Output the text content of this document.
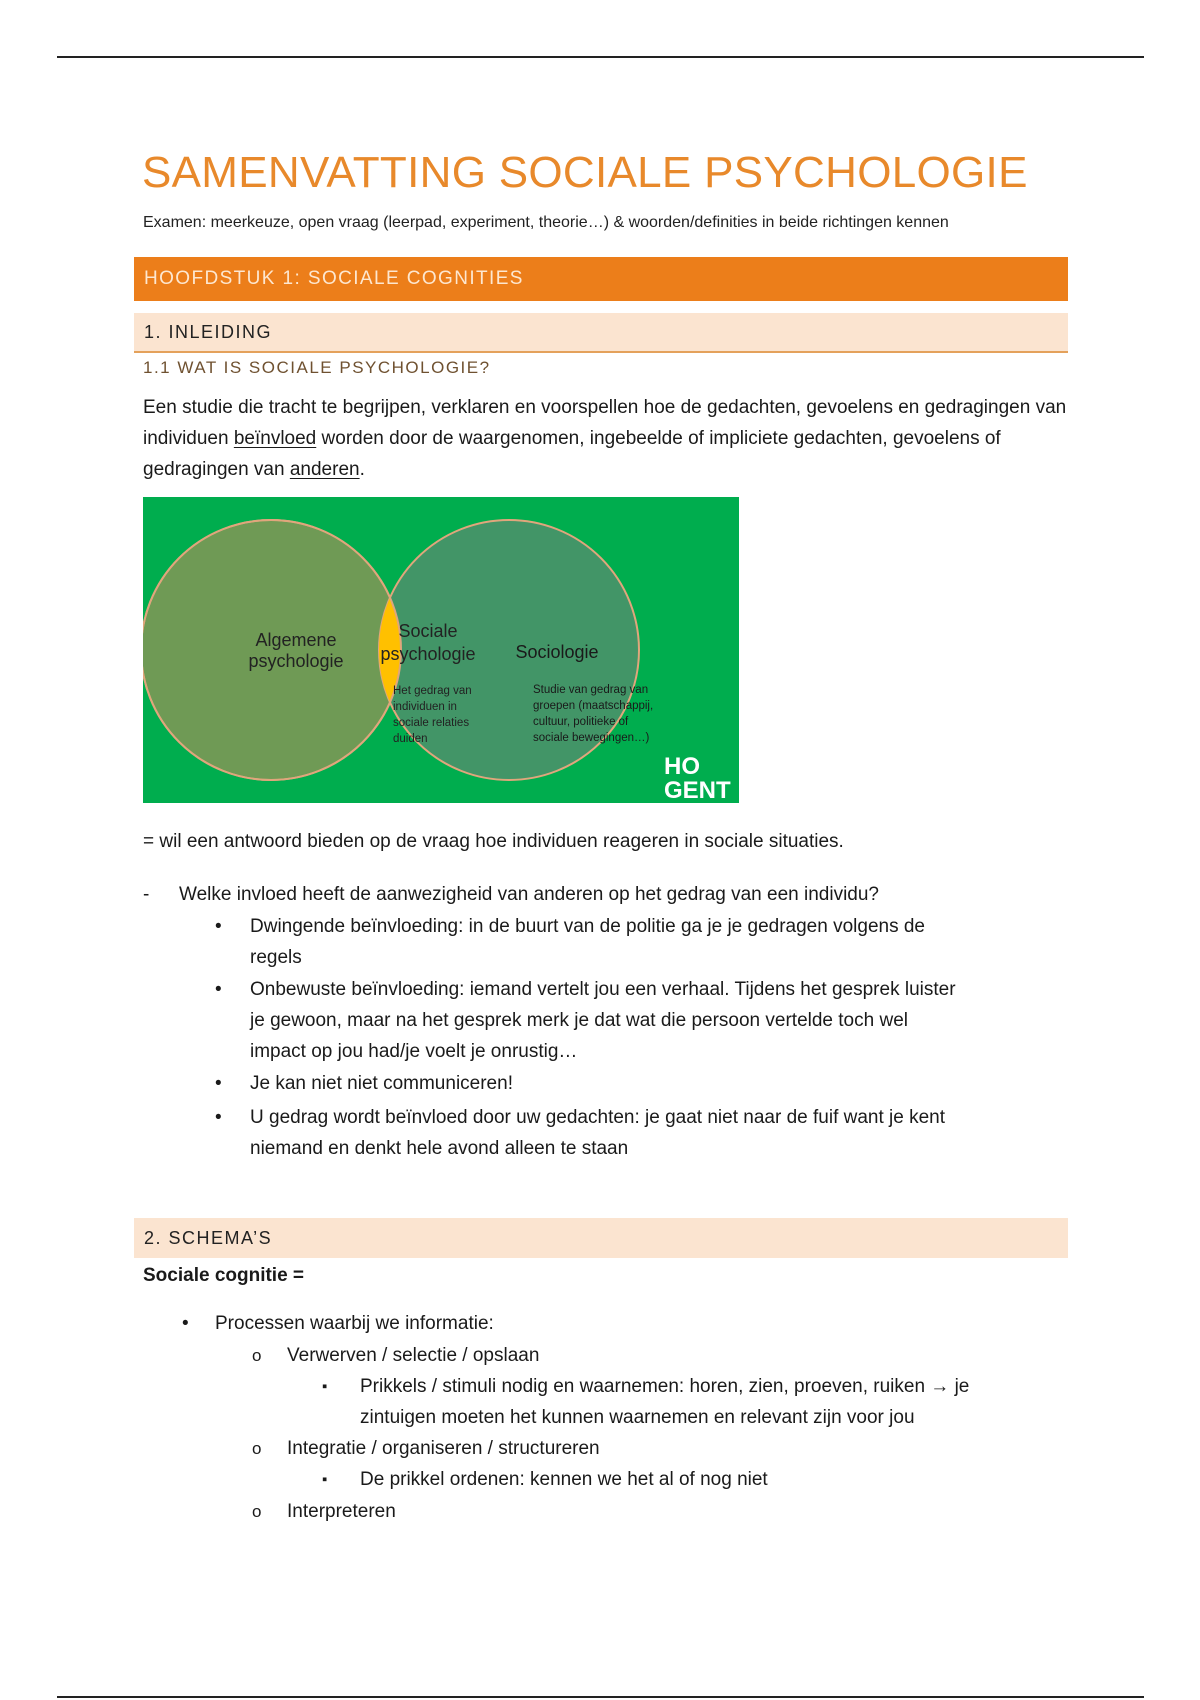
SAMENVATTING SOCIALE PSYCHOLOGIE
Examen: meerkeuze, open vraag (leerpad, experiment, theorie…) & woorden/definities in beide richtingen kennen
HOOFDSTUK 1: SOCIALE COGNITIES
1. INLEIDING
1.1 WAT IS SOCIALE PSYCHOLOGIE?
Een studie die tracht te begrijpen, verklaren en voorspellen hoe de gedachten, gevoelens en gedragingen van individuen beïnvloed worden door de waargenomen, ingebeelde of impliciete gedachten, gevoelens of gedragingen van anderen.
Algemene
psychologie
Sociale
psychologie
Het gedrag van
individuen in
sociale relaties
duiden
Sociologie
Studie van gedrag van
groepen (maatschappij,
cultuur, politieke of
sociale bewegingen…)
HO
GENT
= wil een antwoord bieden op de vraag hoe individuen reageren in sociale situaties.
- Welke invloed heeft de aanwezigheid van anderen op het gedrag van een individu?
• Dwingende beïnvloeding: in de buurt van de politie ga je je gedragen volgens de
regels
• Onbewuste beïnvloeding: iemand vertelt jou een verhaal. Tijdens het gesprek luister
je gewoon, maar na het gesprek merk je dat wat die persoon vertelde toch wel
impact op jou had/je voelt je onrustig…
• Je kan niet niet communiceren!
• U gedrag wordt beïnvloed door uw gedachten: je gaat niet naar de fuif want je kent
niemand en denkt hele avond alleen te staan
2. SCHEMA’S
Sociale cognitie =
• Processen waarbij we informatie:
o Verwerven / selectie / opslaan
▪ Prikkels / stimuli nodig en waarnemen: horen, zien, proeven, ruiken → je
zintuigen moeten het kunnen waarnemen en relevant zijn voor jou
o Integratie / organiseren / structureren
▪ De prikkel ordenen: kennen we het al of nog niet
o Interpreteren
